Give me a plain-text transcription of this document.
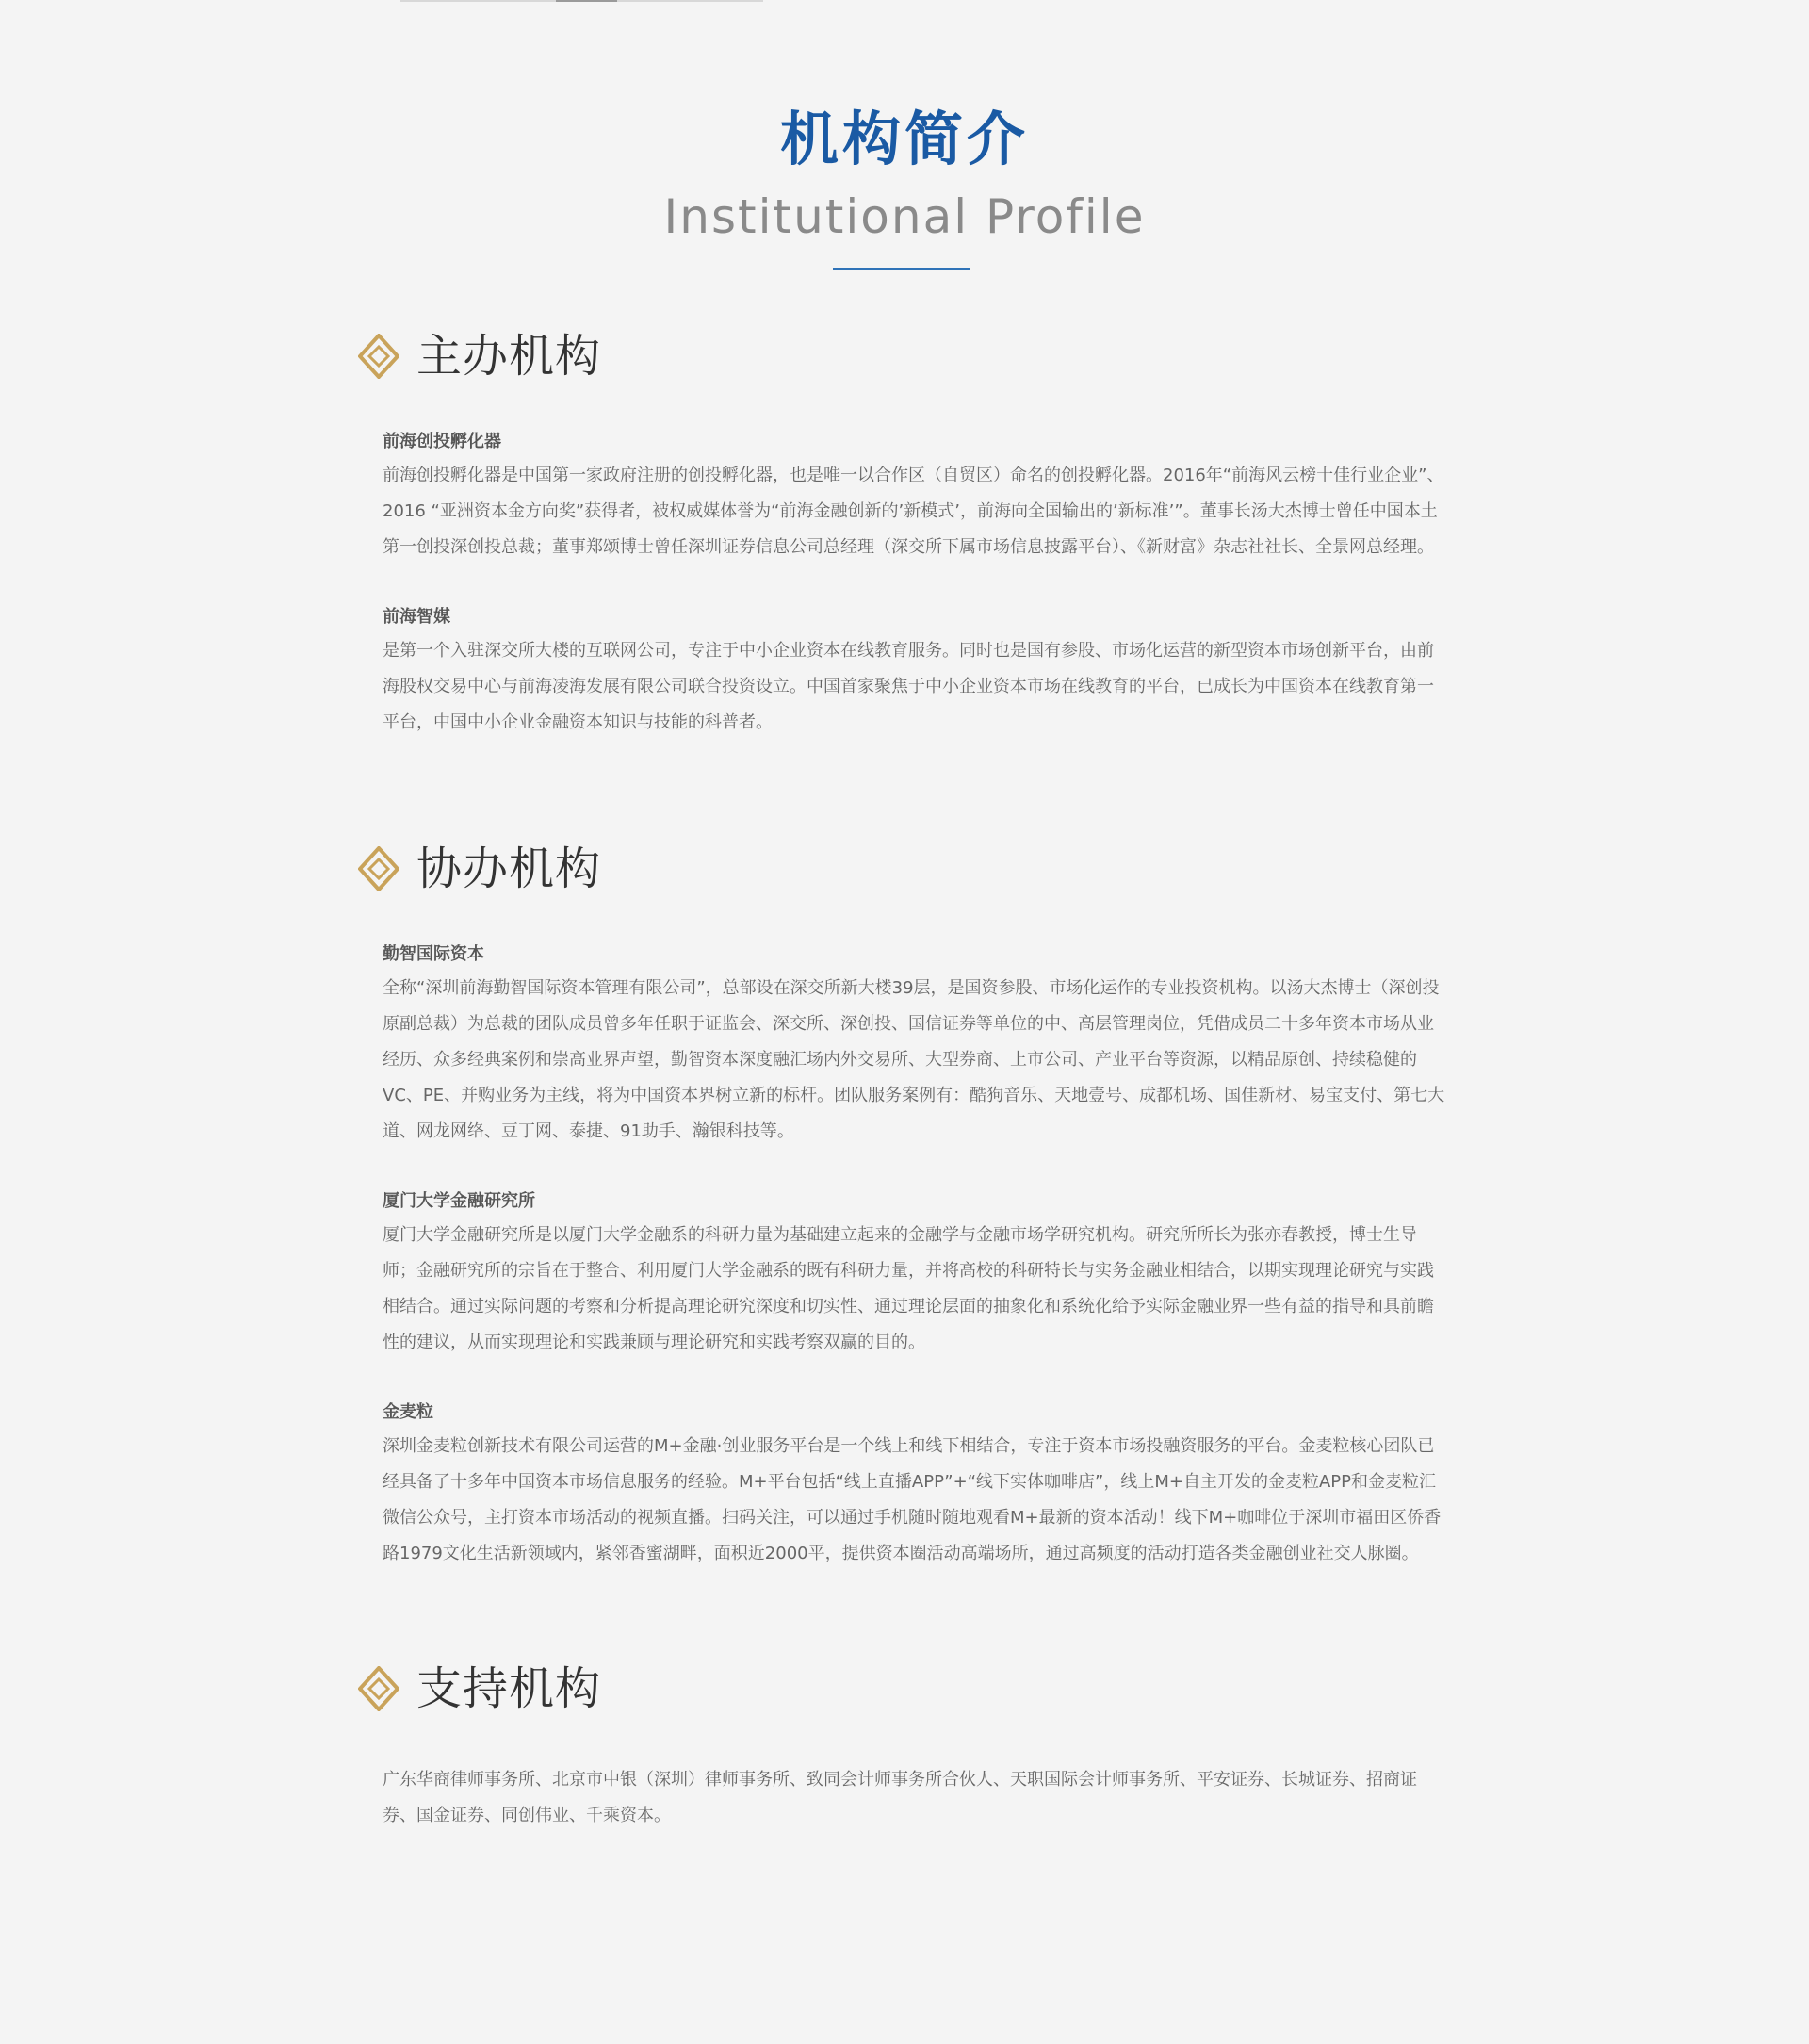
机构简介
Institutional Profile
主办机构
前海创投孵化器

前海创投孵化器是中国第一家政府注册的创投孵化器，也是唯一以合作区（自贸区）命名的创投孵化器。2016年“前海风云榜十佳行业企业”、2016 “亚洲资本金方向奖”获得者，被权威媒体誉为“前海金融创新的’新模式’，前海向全国输出的’新标准’”。董事长汤大杰博士曾任中国本土第一创投深创投总裁；董事郑颂博士曾任深圳证券信息公司总经理（深交所下属市场信息披露平台）、《新财富》杂志社社长、全景网总经理。

前海智媒

是第一个入驻深交所大楼的互联网公司，专注于中小企业资本在线教育服务。同时也是国有参股、市场化运营的新型资本市场创新平台，由前海股权交易中心与前海凌海发展有限公司联合投资设立。中国首家聚焦于中小企业资本市场在线教育的平台，已成长为中国资本在线教育第一平台，中国中小企业金融资本知识与技能的科普者。

协办机构
勤智国际资本

全称“深圳前海勤智国际资本管理有限公司”，总部设在深交所新大楼39层，是国资参股、市场化运作的专业投资机构。以汤大杰博士（深创投原副总裁）为总裁的团队成员曾多年任职于证监会、深交所、深创投、国信证券等单位的中、高层管理岗位，凭借成员二十多年资本市场从业经历、众多经典案例和崇高业界声望，勤智资本深度融汇场内外交易所、大型券商、上市公司、产业平台等资源，以精品原创、持续稳健的VC、PE、并购业务为主线，将为中国资本界树立新的标杆。团队服务案例有：酷狗音乐、天地壹号、成都机场、国佳新材、易宝支付、第七大道、网龙网络、豆丁网、泰捷、91助手、瀚银科技等。

厦门大学金融研究所

厦门大学金融研究所是以厦门大学金融系的科研力量为基础建立起来的金融学与金融市场学研究机构。研究所所长为张亦春教授，博士生导师；金融研究所的宗旨在于整合、利用厦门大学金融系的既有科研力量，并将高校的科研特长与实务金融业相结合，以期实现理论研究与实践相结合。通过实际问题的考察和分析提高理论研究深度和切实性、通过理论层面的抽象化和系统化给予实际金融业界一些有益的指导和具前瞻性的建议，从而实现理论和实践兼顾与理论研究和实践考察双赢的目的。

金麦粒

深圳金麦粒创新技术有限公司运营的M+金融·创业服务平台是一个线上和线下相结合，专注于资本市场投融资服务的平台。金麦粒核心团队已经具备了十多年中国资本市场信息服务的经验。M+平台包括“线上直播APP”+“线下实体咖啡店”，线上M+自主开发的金麦粒APP和金麦粒汇微信公众号，主打资本市场活动的视频直播。扫码关注，可以通过手机随时随地观看M+最新的资本活动！线下M+咖啡位于深圳市福田区侨香路1979文化生活新领域内，紧邻香蜜湖畔，面积近2000平，提供资本圈活动高端场所，通过高频度的活动打造各类金融创业社交人脉圈。

支持机构

广东华商律师事务所、北京市中银（深圳）律师事务所、致同会计师事务所合伙人、天职国际会计师事务所、平安证券、长城证券、招商证券、国金证券、同创伟业、千乘资本。
